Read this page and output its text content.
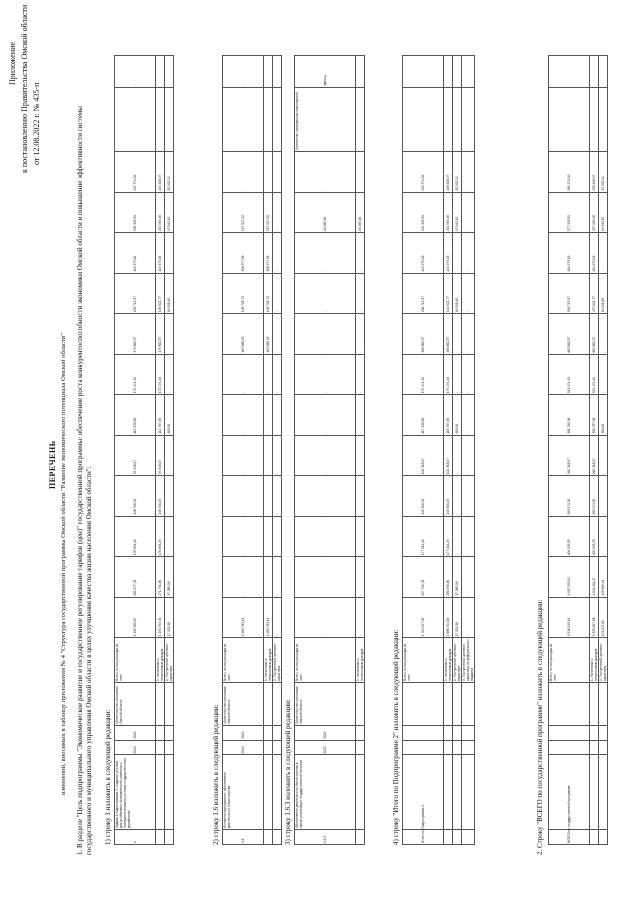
Приложение к постановлению Правительства Омской области от 12.08.2022 г. № 435-п
ПЕРЕЧЕНЬ изменений, вносимых в таблицу приложения № 4 "Структура государственной программы Омской области "Развитие экономического потенциала Омской области" 1. В разделе "Цель подпрограммы "Экономическое развитие и государственное регулирование тарифов (цен)" государственной программы: обеспечение роста конкурентоспособности экономики Омской области и повышение эффективности системы государственного и муниципального управления Омской области в целях улучшения качества жизни населения Омской области": 1) строку 1 изложить в следующей редакции:	1	Задача 1 подпрограммы 2: создание условий для устойчивого экономического развития и совершенствования системы государственного управления	2014	2024	Министерство экономики Омской области	Всего, из них расходы за счет:	1 252 305,67	289 177,76	176 634,49	148 706,49	99 318,07	113 230,36	172 474,40	475 800,57	203 713,37	119 975,16	239 303,31	217 574,09	-	-
					1. Налоговых и неналоговых доходов	1 234 753,31	271 791,80	176 634,49	148 706,49	99 318,07	112 767,36	172 474,40	475 800,57	139 621,77	119 975,16	219 963,16	191 648,97		
					2. Поступлений целевого характера	17 552,36	17 385,96	-	-	-	463,00	-	-	64 091,60	-	19 340,15	25 925,12		
2) строку 1.6 изложить в следующей редакции:	1.6	Основное мероприятие: обеспечение деятельности Министерства	2014	2024	Министерство экономики Омской области	Всего, из них расходы за счет:	1 060 783,11	-	-	-	-	-	-	163 386,03	146 726,73	158 377,56	127 527,92	-	-	-
					1. Налоговых и неналоговых доходов	1 060 783,11	-	-	-	-	-	-	163 386,03	146 726,73	158 377,56	127 527,92			
					2. Поступлений целевого характера	-	-	-	-	-	-	-	-	-	-	-			
3) строку 1.6.3 изложить в следующей редакции:	1.6.3	Обеспечение деятельности Министерства в сфере реализации государственной политики	2022	2024	Министерство экономики Омской области	Всего, из них расходы за счет:	-	-	-	-	-	-	-	-	-	-	16 285,46	-	Количество проведенных мероприятий	единиц
					1. Налоговых и неналоговых доходов	-	-	-	-	-	-	-	-	-	-	16 285,46			
4) строку "Итого по Подпрограмме 2" изложить в следующей редакции:	Итого по Подпрограмме 2					Всего, из них расходы за счет:	1 704 257,05	297 742,76	177 014,49	149 306,49	102 318,07	117 230,36	179 474,40	480 800,57	208 713,37	124 975,16	244 303,31	222 574,09		
					1. Налоговых и неналоговых доходов	1 686 704,69	280 356,80	177 014,49	149 306,49	102 318,07	116 767,36	179 474,40	480 800,57	144 621,77	124 975,16	224 963,16	196 648,97		
					2. Поступлений целевого характера	17 552,36	17 385,96	-	-	-	463,00	-	-	64 091,60	-	19 340,15	25 925,12		
					3. Поступлений целевого характера из федерального бюджета	-	-	-	-	-	-	-	-	-	-	-	-		
2. Строку "ВСЕГО по государственной программе" изложить в следующей редакции:	ВСЕГО по государственной программе					Всего, из них расходы за счет:	5 516 115,19	1 187 093,91	409 905,35	283 474,30	262 318,07	381 230,36	543 474,40	862 800,57	561 713,37	464 975,16	277 303,31	261 574,09		
					1. Налоговых и неналоговых доходов	5 325 007,38	1 041 411,47	409 905,35	283 474,30	262 318,07	380 767,36	543 474,40	862 800,57	497 621,77	464 975,16	257 963,16	235 648,97		
					2. Поступлений целевого характера	191 107,81	145 682,44	-	-	-	463,00	-	-	64 091,60	-	19 340,15	25 925,12		
